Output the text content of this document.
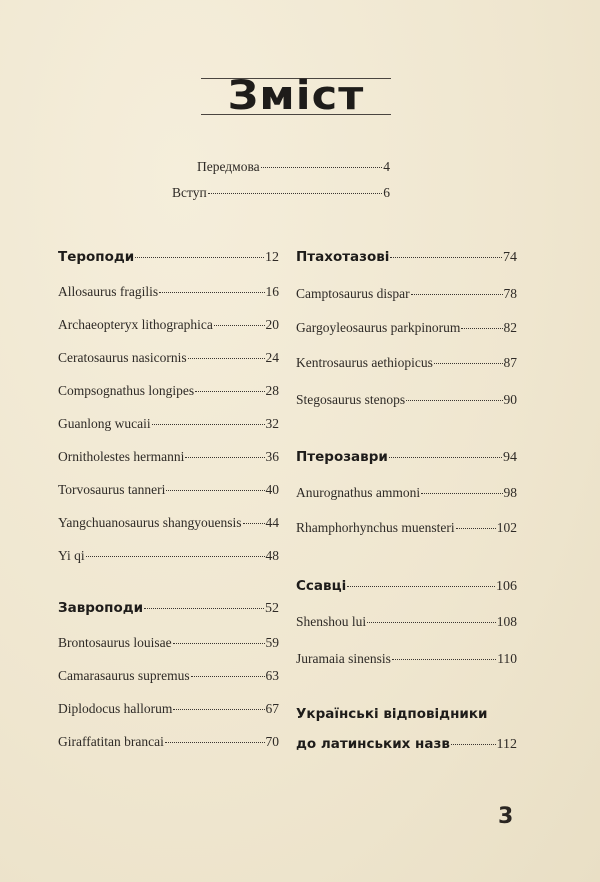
Зміст
Передмова	4
Вступ	6
Тероподи	12
Allosaurus fragilis	16
Archaeopteryx lithographica	20
Ceratosaurus nasicornis	24
Compsognathus longipes	28
Guanlong wucaii	32
Ornitholestes hermanni	36
Torvosaurus tanneri	40
Yangchuanosaurus shangyouensis 44
Yi qi	48
Завроподи	52
Brontosaurus louisae	59
Camarasaurus supremus	63
Diplodocus hallorum	67
Giraffatitan brancai	70
Птахотазові	74
Camptosaurus dispar	78
Gargoyleosaurus parkpinorum	82
Kentrosaurus aethiopicus	87
Stegosaurus stenops	90
Птерозаври	94
Anurognathus ammoni	98
Rhamphorhynchus muensteri	102
Ссавці	106
Shenshou lui	108
Juramaia sinensis	110
Українські відповідники
до латинських назв	112
3
